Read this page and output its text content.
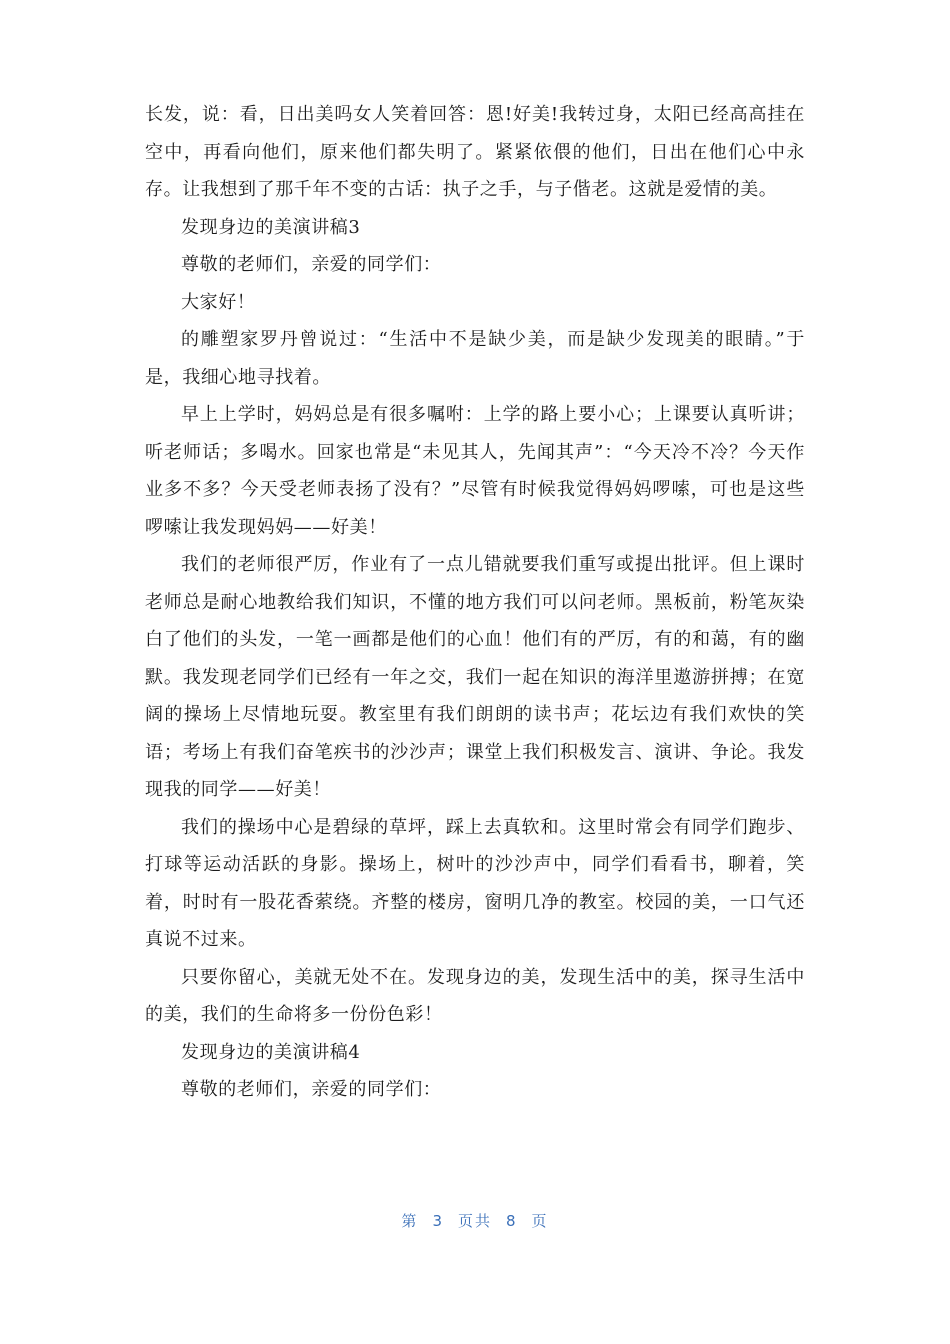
长发，说：看，日出美吗女人笑着回答：恩!好美!我转过身，太阳已经高高挂在空中，再看向他们，原来他们都失明了。紧紧依偎的他们，日出在他们心中永存。让我想到了那千年不变的古话：执子之手，与子偕老。这就是爱情的美。

发现身边的美演讲稿3

尊敬的老师们，亲爱的同学们：

大家好！

的雕塑家罗丹曾说过：“生活中不是缺少美，而是缺少发现美的眼睛。”于是，我细心地寻找着。

早上上学时，妈妈总是有很多嘱咐：上学的路上要小心；上课要认真听讲；听老师话；多喝水。回家也常是“未见其人，先闻其声”：“今天冷不冷？今天作业多不多？今天受老师表扬了没有？”尽管有时候我觉得妈妈啰嗦，可也是这些啰嗦让我发现妈妈——好美！

我们的老师很严厉，作业有了一点儿错就要我们重写或提出批评。但上课时老师总是耐心地教给我们知识，不懂的地方我们可以问老师。黑板前，粉笔灰染白了他们的头发，一笔一画都是他们的心血！他们有的严厉，有的和蔼，有的幽默。我发现老同学们已经有一年之交，我们一起在知识的海洋里遨游拼搏；在宽阔的操场上尽情地玩耍。教室里有我们朗朗的读书声；花坛边有我们欢快的笑语；考场上有我们奋笔疾书的沙沙声；课堂上我们积极发言、演讲、争论。我发现我的同学——好美！

我们的操场中心是碧绿的草坪，踩上去真软和。这里时常会有同学们跑步、打球等运动活跃的身影。操场上，树叶的沙沙声中，同学们看看书，聊着，笑着，时时有一股花香萦绕。齐整的楼房，窗明几净的教室。校园的美，一口气还真说不过来。

只要你留心，美就无处不在。发现身边的美，发现生活中的美，探寻生活中的美，我们的生命将多一份份色彩！

发现身边的美演讲稿4

尊敬的老师们，亲爱的同学们：

第 3 页共 8 页
